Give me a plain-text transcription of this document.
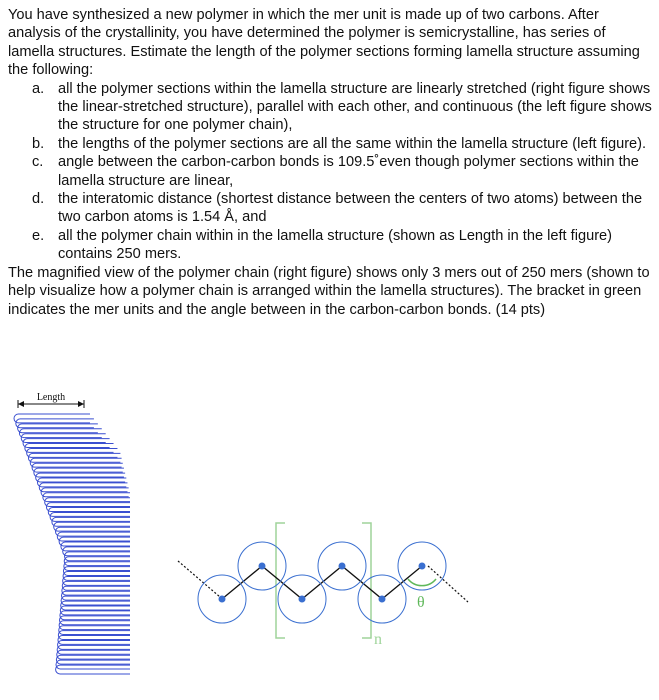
You have synthesized a new polymer in which the mer unit is made up of two carbons. After analysis of the crystallinity, you have determined the polymer is semicrystalline, has series of lamella structures. Estimate the length of the polymer sections forming lamella structure assuming the following:

a. all the polymer sections within the lamella structure are linearly stretched (right figure shows the linear-stretched structure), parallel with each other, and continuous (the left figure shows the structure for one polymer chain),
b. the lengths of the polymer sections are all the same within the lamella structure (left figure).
c. angle between the carbon-carbon bonds is 109.5˚even though polymer sections within the lamella structure are linear,
d. the interatomic distance (shortest distance between the centers of two atoms) between the two carbon atoms is 1.54 Å, and
e. all the polymer chain within in the lamella structure (shown as Length in the left figure) contains 250 mers.

The magnified view of the polymer chain (right figure) shows only 3 mers out of 250 mers (shown to help visualize how a polymer chain is arranged within the lamella structures). The bracket in green indicates the mer units and the angle between in the carbon-carbon bonds. (14 pts)

Length
n
θ
